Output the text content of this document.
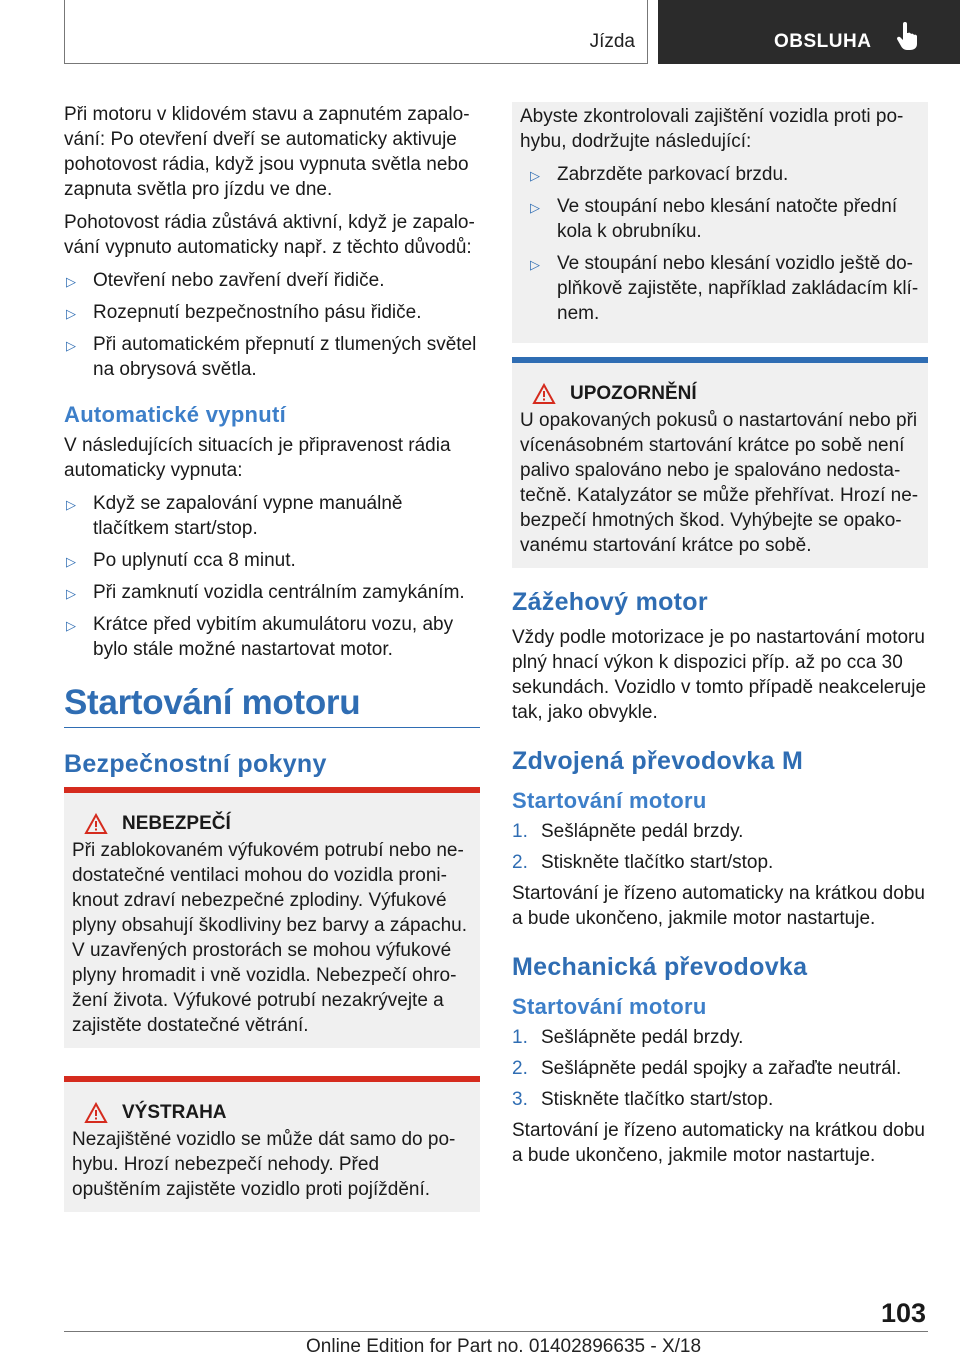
Jízda	OBSLUHA

Při motoru v klidovém stavu a zapnutém zapalování: Po otevření dveří se automaticky aktivuje pohotovost rádia, když jsou vypnuta světla nebo zapnuta světla pro jízdu ve dne.

Pohotovost rádia zůstává aktivní, když je zapalování vypnuto automaticky např. z těchto důvodů:

▷ Otevření nebo zavření dveří řidiče.
▷ Rozepnutí bezpečnostního pásu řidiče.
▷ Při automatickém přepnutí z tlumených světel na obrysová světla.
Automatické vypnutí

V následujících situacích je připravenost rádia automaticky vypnuta:

▷ Když se zapalování vypne manuálně tlačítkem start/stop.
▷ Po uplynutí cca 8 minut.
▷ Při zamknutí vozidla centrálním zamykáním.
▷ Krátce před vybitím akumulátoru vozu, aby bylo stále možné nastartovat motor.
Startování motoru
Bezpečnostní pokyny
NEBEZPEČÍ
Při zablokovaném výfukovém potrubí nebo nedostatečné ventilaci mohou do vozidla proniknout zdraví nebezpečné zplodiny. Výfukové plyny obsahují škodliviny bez barvy a zápachu. V uzavřených prostorách se mohou výfukové plyny hromadit i vně vozidla. Nebezpečí ohrožení života. Výfukové potrubí nezakrývejte a zajistěte dostatečné větrání.
VÝSTRAHA
Nezajištěné vozidlo se může dát samo do pohybu. Hrozí nebezpečí nehody. Před opuštěním zajistěte vozidlo proti pojíždění.

Abyste zkontrolovali zajištění vozidla proti pohybu, dodržujte následující:

▷ Zabrzděte parkovací brzdu.
▷ Ve stoupání nebo klesání natočte přední kola k obrubníku.
▷ Ve stoupání nebo klesání vozidlo ještě doplňkově zajistěte, například zakládacím klínem.
UPOZORNĚNÍ
U opakovaných pokusů o nastartování nebo při vícenásobném startování krátce po sobě není palivo spalováno nebo je spalováno nedostatečně. Katalyzátor se může přehřívat. Hrozí nebezpečí hmotných škod. Vyhýbejte se opakovanému startování krátce po sobě.
Zážehový motor

Vždy podle motorizace je po nastartování motoru plný hnací výkon k dispozici příp. až po cca 30 sekundách. Vozidlo v tomto případě neakceleruje tak, jako obvykle.

Zdvojená převodovka M
Startování motoru
1. Sešlápněte pedál brzdy.
2. Stiskněte tlačítko start/stop.

Startování je řízeno automaticky na krátkou dobu a bude ukončeno, jakmile motor nastartuje.

Mechanická převodovka
Startování motoru
1. Sešlápněte pedál brzdy.
2. Sešlápněte pedál spojky a zařaďte neutrál.
3. Stiskněte tlačítko start/stop.

Startování je řízeno automaticky na krátkou dobu a bude ukončeno, jakmile motor nastartuje.

103
Online Edition for Part no. 01402896635 - X/18
